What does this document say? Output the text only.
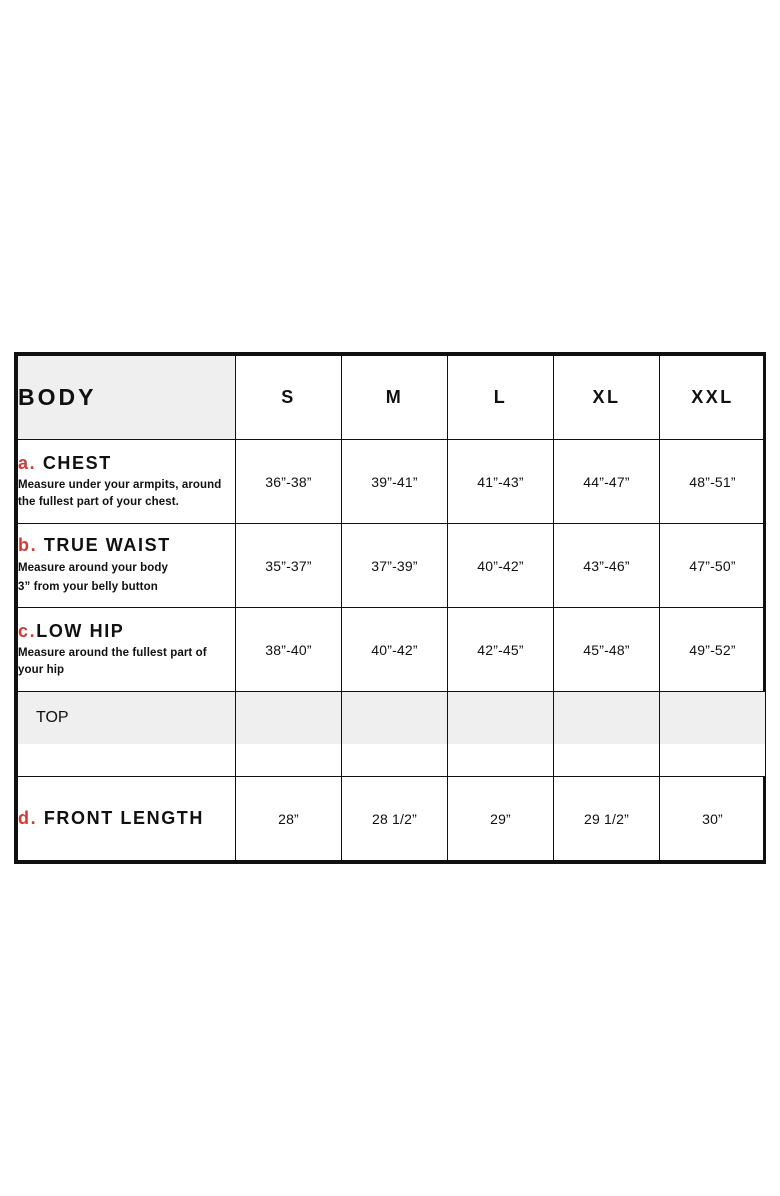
BODY	S	M	L	XL	XXL

a. CHEST
Measure under your armpits, around the fullest part of your chest.	36”-38”	39”-41”	41”-43”	44”-47”	48”-51”

b. TRUE WAIST
Measure around your body
3” from your belly button	35”-37”	37”-39”	40”-42”	43”-46”	47”-50”

c.LOW HIP
Measure around the fullest part of your hip	38”-40”	40”-42”	42”-45”	45”-48”	49”-52”

TOP					

d. FRONT LENGTH	28”	28 1/2”	29”	29 1/2”	30”
